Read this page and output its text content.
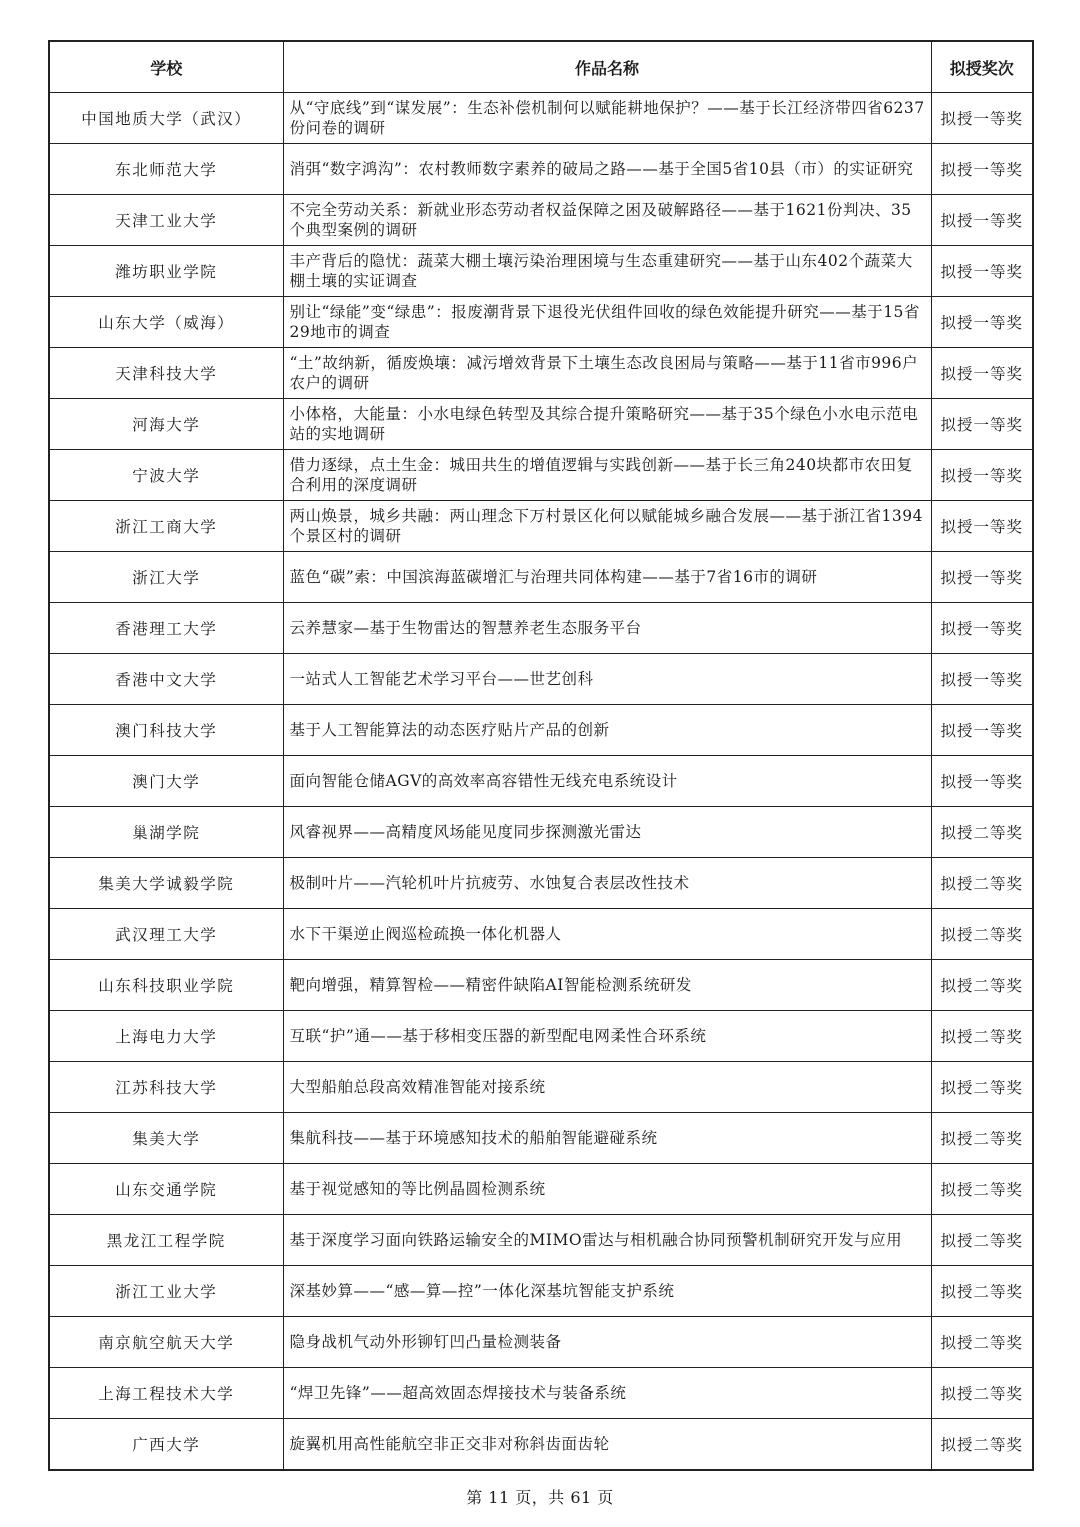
学校	作品名称	拟授奖次
中国地质大学（武汉）	从“守底线”到“谋发展”：生态补偿机制何以赋能耕地保护？——基于长江经济带四省6237份问卷的调研	拟授一等奖
东北师范大学	消弭“数字鸿沟”：农村教师数字素养的破局之路——基于全国5省10县（市）的实证研究	拟授一等奖
天津工业大学	不完全劳动关系：新就业形态劳动者权益保障之困及破解路径——基于1621份判决、35个典型案例的调研	拟授一等奖
潍坊职业学院	丰产背后的隐忧：蔬菜大棚土壤污染治理困境与生态重建研究——基于山东402个蔬菜大棚土壤的实证调查	拟授一等奖
山东大学（威海）	别让“绿能”变“绿患”：报废潮背景下退役光伏组件回收的绿色效能提升研究——基于15省29地市的调查	拟授一等奖
天津科技大学	“土”故纳新，循废焕壤：减污增效背景下土壤生态改良困局与策略——基于11省市996户农户的调研	拟授一等奖
河海大学	小体格，大能量：小水电绿色转型及其综合提升策略研究——基于35个绿色小水电示范电站的实地调研	拟授一等奖
宁波大学	借力逐绿，点土生金：城田共生的增值逻辑与实践创新——基于长三角240块都市农田复合利用的深度调研	拟授一等奖
浙江工商大学	两山焕景，城乡共融：两山理念下万村景区化何以赋能城乡融合发展——基于浙江省1394个景区村的调研	拟授一等奖
浙江大学	蓝色“碳”索：中国滨海蓝碳增汇与治理共同体构建——基于7省16市的调研	拟授一等奖
香港理工大学	云养慧家—基于生物雷达的智慧养老生态服务平台	拟授一等奖
香港中文大学	一站式人工智能艺术学习平台——世艺创科	拟授一等奖
澳门科技大学	基于人工智能算法的动态医疗贴片产品的创新	拟授一等奖
澳门大学	面向智能仓储AGV的高效率高容错性无线充电系统设计	拟授一等奖
巢湖学院	风睿视界——高精度风场能见度同步探测激光雷达	拟授二等奖
集美大学诚毅学院	极制叶片——汽轮机叶片抗疲劳、水蚀复合表层改性技术	拟授二等奖
武汉理工大学	水下干渠逆止阀巡检疏换一体化机器人	拟授二等奖
山东科技职业学院	靶向增强，精算智检——精密件缺陷AI智能检测系统研发	拟授二等奖
上海电力大学	互联“护”通——基于移相变压器的新型配电网柔性合环系统	拟授二等奖
江苏科技大学	大型船舶总段高效精准智能对接系统	拟授二等奖
集美大学	集航科技——基于环境感知技术的船舶智能避碰系统	拟授二等奖
山东交通学院	基于视觉感知的等比例晶圆检测系统	拟授二等奖
黑龙江工程学院	基于深度学习面向铁路运输安全的MIMO雷达与相机融合协同预警机制研究开发与应用	拟授二等奖
浙江工业大学	深基妙算——“感—算—控”一体化深基坑智能支护系统	拟授二等奖
南京航空航天大学	隐身战机气动外形铆钉凹凸量检测装备	拟授二等奖
上海工程技术大学	“焊卫先锋”——超高效固态焊接技术与装备系统	拟授二等奖
广西大学	旋翼机用高性能航空非正交非对称斜齿面齿轮	拟授二等奖
第 11 页，共 61 页
